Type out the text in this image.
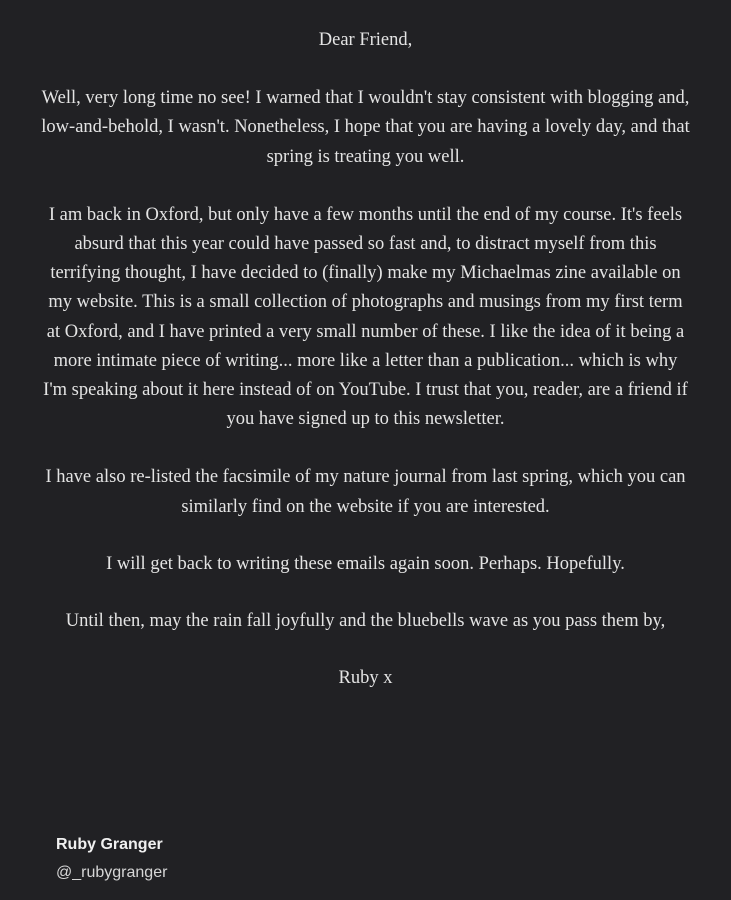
Dear Friend,

Well, very long time no see! I warned that I wouldn't stay consistent with blogging and, low-and-behold, I wasn't. Nonetheless, I hope that you are having a lovely day, and that spring is treating you well.

I am back in Oxford, but only have a few months until the end of my course. It's feels absurd that this year could have passed so fast and, to distract myself from this terrifying thought, I have decided to (finally) make my Michaelmas zine available on my website. This is a small collection of photographs and musings from my first term at Oxford, and I have printed a very small number of these. I like the idea of it being a more intimate piece of writing... more like a letter than a publication... which is why I'm speaking about it here instead of on YouTube. I trust that you, reader, are a friend if you have signed up to this newsletter.

I have also re-listed the facsimile of my nature journal from last spring, which you can similarly find on the website if you are interested.

I will get back to writing these emails again soon. Perhaps. Hopefully.

Until then, may the rain fall joyfully and the bluebells wave as you pass them by,

Ruby x

Ruby Granger
@_rubygranger
